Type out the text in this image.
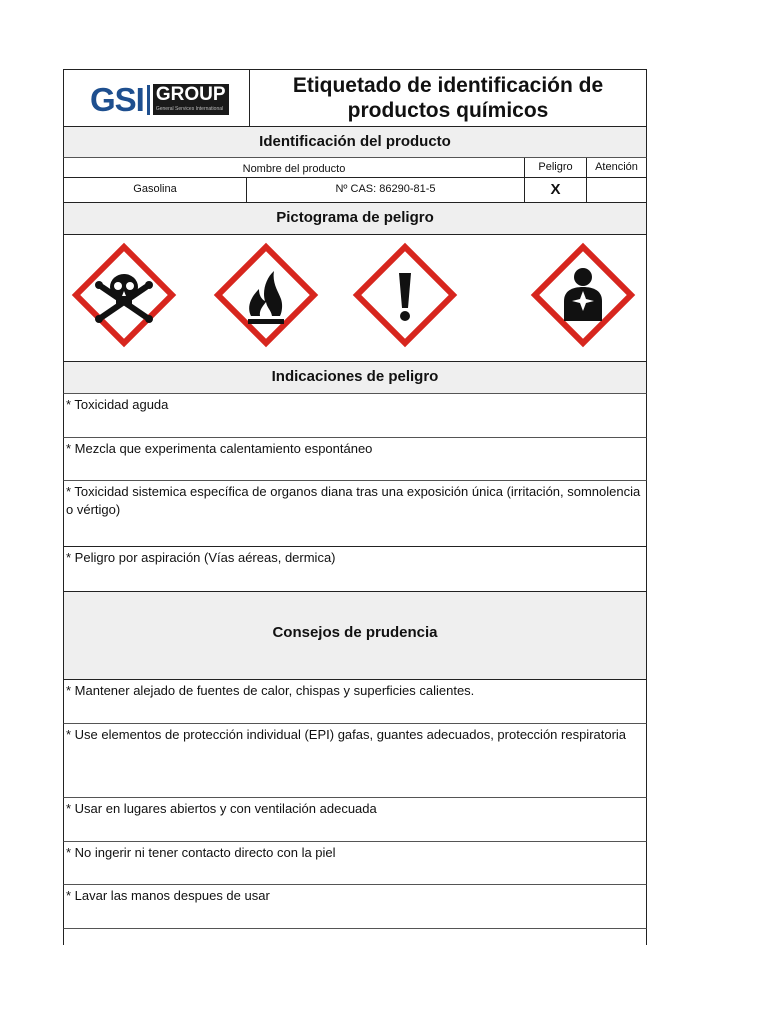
GSI GROUP
General Services International
Etiquetado de identificación de
productos químicos
Identificación del producto
Nombre del producto	Peligro	Atención
Gasolina	Nº CAS: 86290-81-5	X
Pictograma de peligro
Indicaciones de peligro
* Toxicidad aguda
* Mezcla que experimenta calentamiento espontáneo
* Toxicidad sistemica específica de organos diana tras una exposición única (irritación, somnolencia o vértigo)
* Peligro por aspiración (Vías aéreas, dermica)
Consejos de prudencia
* Mantener alejado de fuentes de calor, chispas y superficies calientes.
* Use elementos de protección individual (EPI) gafas, guantes adecuados, protección respiratoria
* Usar en lugares abiertos y con ventilación adecuada
* No ingerir ni tener contacto directo con la piel
* Lavar las manos despues de usar
